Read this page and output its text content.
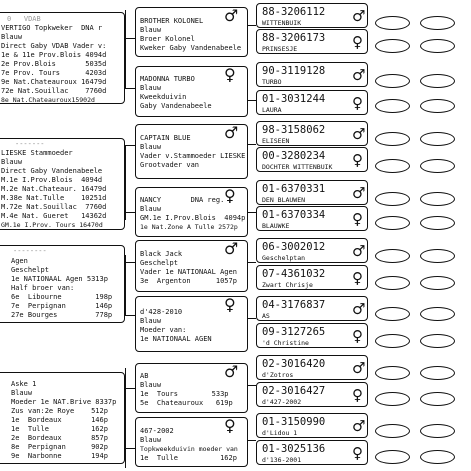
0   VDAB
VERTIGO Topkweker  DNA r
Blauw
Direct Gaby VDAB Vader v:
1e & 11e Prov.Blois 4094d
2e Prov.Blois       5035d
7e Prov. Tours      4203d
9e Nat.Chateauroux 16479d
72e Nat.Souillac    7760d
8e Nat.Chateauroux15902d
-------
LIESKE Stammoeder
Blauw
Direct Gaby Vandenabeele
M.1e I.Prov.Blois  4094d
M.2e Nat.Chateaur. 16479d
M.38e Nat.Tulle    10251d
M.72e Nat.Souillac  7760d
M.4e Nat. Gueret   14362d
GM.1e I.Prov. Tours 16470d
--------
Agen
Geschelpt
1e NATIONAAL Agen 5313p
Half broer van:
6e  Libourne        198p
7e  Perpignan       146p
27e Bourges         778p
Aske 1
Blauw
Moeder 1e NAT.Brive 8337p
Zus van:2e Roye    512p
1e  Bordeaux       146p
1e  Tulle          162p
2e  Bordeaux       857p
8e  Perpignan      902p
9e  Narbonne       194p
♂
BROTHER KOLONEL
Blauw
Broer Kolonel
Kweker Gaby Vandenabeele
♀
MADONNA TURBO
Blauw
Kweekduivin
Gaby Vandenabeele
♂
CAPTAIN BLUE
Blauw
Vader v.Stammoeder LIESKE
Grootvader van
♀
NANCY       DNA reg.
Blauw
GM.1e I.Prov.Blois  4094p
1e Nat.Zone A Tulle 2572p
♂
Black Jack
Geschelpt
Vader 1e NATIONAAL Agen
3e  Argenton      1057p
♀
d'428-2010
Blauw
Moeder van:
1e NATIONAAL AGEN
♂
AB
Blauw
1e  Tours        533p
5e  Chateauroux   619p
♀
467-2002
Blauw
Topkweekduivin moeder van
1e  Tulle          162p
88-3206112
WITTENBUIK	♂
88-3206173
PRINSESJE	♀
90-3119128
TURBO	♂
01-3031244
LAURA	♀
98-3158062
ELISEEN	♂
00-3280234
DOCHTER WITTENBUIK ♀
01-6370331
DEN BLAUWEN	♂
01-6370334
BLAUWKE	♀
06-3002012
Geschelptan	♂
07-4361032
Zwart Chrisje	♀
04-3176837
AS	♂
09-3127265
'd Christine	♀
02-3016420
d'Zotros	♂
02-3016427
d'427-2002	♀
01-3150990
d'Lidou 1	♂
01-3025136
d'136-2001	♀
